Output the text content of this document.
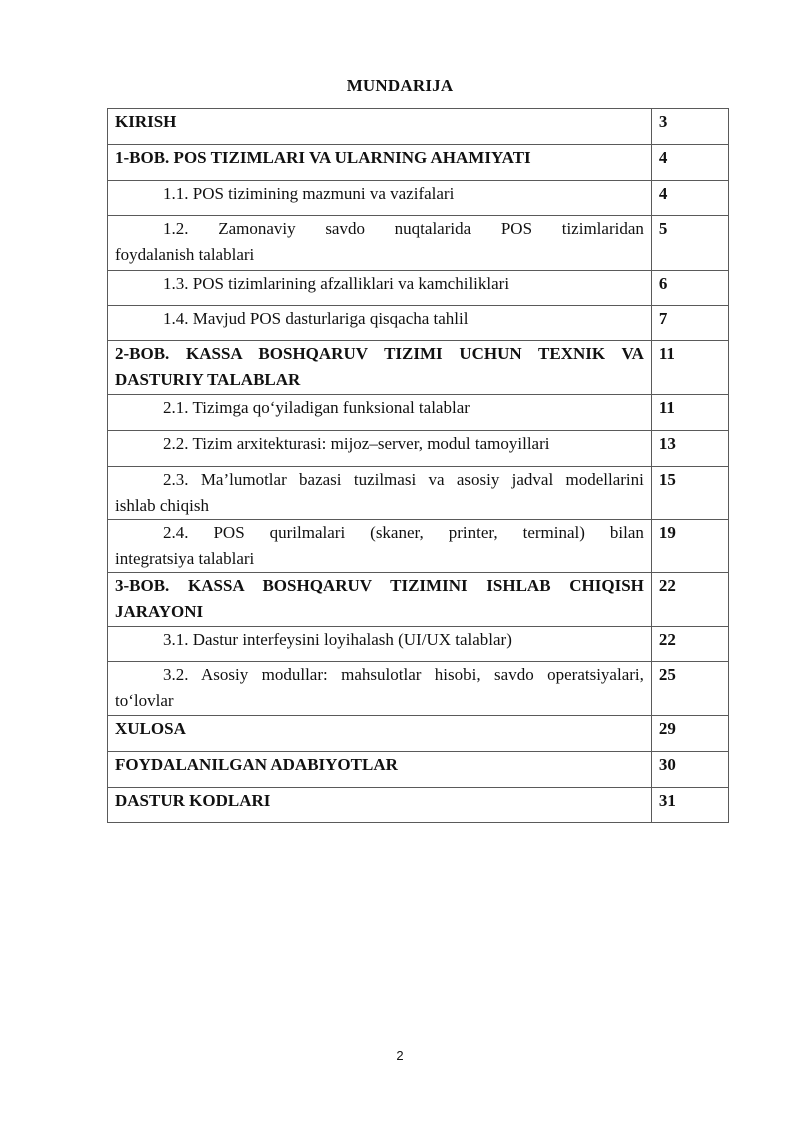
MUNDARIJA
KIRISH	3
1-BOB. POS TIZIMLARI VA ULARNING AHAMIYATI	4

1.1. POS tizimining mazmuni va vazifalari	4

1.2. Zamonaviy savdo nuqtalarida POS tizimlaridan
foydalanish talablari	5

1.3. POS tizimlarining afzalliklari va kamchiliklari	6

1.4. Mavjud POS dasturlariga qisqacha tahlil	7

2-BOB. KASSA BOSHQARUV TIZIMI UCHUN TEXNIK VA
DASTURIY TALABLAR	11

2.1. Tizimga qo‘yiladigan funksional talablar	11

2.2. Tizim arxitekturasi: mijoz–server, modul tamoyillari	13

2.3. Ma’lumotlar bazasi tuzilmasi va asosiy jadval modellarini
ishlab chiqish	15

2.4. POS qurilmalari (skaner, printer, terminal) bilan
integratsiya talablari	19

3-BOB. KASSA BOSHQARUV TIZIMINI ISHLAB CHIQISH
JARAYONI	22

3.1. Dastur interfeysini loyihalash (UI/UX talablar)	22

3.2. Asosiy modullar: mahsulotlar hisobi, savdo operatsiyalari,
to‘lovlar	25
XULOSA	29
FOYDALANILGAN ADABIYOTLAR	30
DASTUR KODLARI	31
2
